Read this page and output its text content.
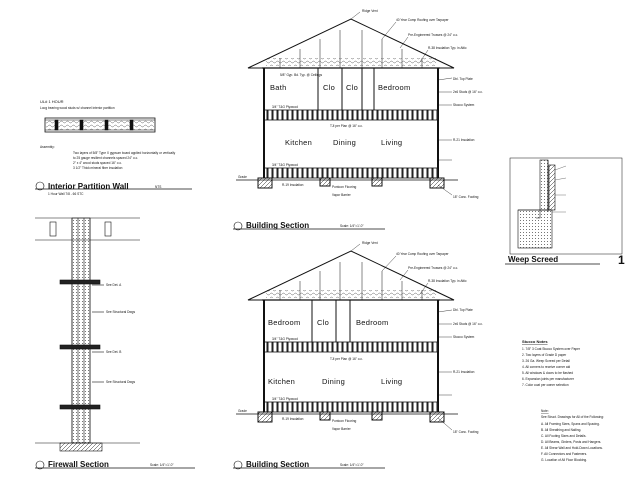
UL# 1 HOUR
Loog bearing wood studs w/ channel interior partition
Assembly:
Two layers of 5/8" Type X gypsum board applied horizontally or vertically
to 25 gauge resilient channels spaced 24" o.c.
2" x 4" wood studs spaced 16" o.c.
3 1/2" Thick mineral fiber insulation
Interior Partition Wall	NTS
1 Hour Wall 7/8 - 66 STC
See Det. A
See Structural Dwgs
See Det. B
See Structural Dwgs
Firewall Section	Scale: 1/4"=1'-0"
Bath	Clo Clo	Bedroom
Kitchen	Dining	Living
Ridge Vent
40 Year Comp Roofing over Tarpaper
Pre-Engineered Trusses @ 24" o.c.
R-38 Insulation Typ. in Attic
5/8" Gyp. Bd. Typ. @ Ceilings
Dbl. Top Plate
2x6 Studs @ 16" o.c.
Stucco System
3/4" T&G Plywood
TJI per Plan @ 16" o.c.
R-21 Insulation
3/4" T&G Plywood
Grade
R-19 Insulation	Pontoon Flooring
Vapor Barrier	18" Conc. Footing
Building Section	Scale: 1/4"=1'-0"
Bedroom Clo	Bedroom
Kitchen	Dining	Living
Ridge Vent
40 Year Comp Roofing over Tarpaper
Pre-Engineered Trusses @ 24" o.c.
R-38 Insulation Typ. in Attic
Dbl. Top Plate
2x6 Studs @ 16" o.c.
Stucco System
3/4" T&G Plywood
TJI per Plan @ 16" o.c.
R-21 Insulation
3/4" T&G Plywood
Grade
R-19 Insulation	Pontoon Flooring
Vapor Barrier
18" Conc. Footing
Building Section	Scale: 1/4"=1'-0"
Weep Screed	1
Stucco Notes
1. 7/8" 3 Coat Stucco System over Paper
2. Two layers of Grade D paper
3. 26 Ga. Weep Screed per Detail
4. All corners to receive corner aid
5. All windows & doors to be flashed
6. Expansion joints per manufacturer
7. Color coat per owner selection
Note:
See Struct. Drawings for All of the Following:
A. All Framing Sizes, Spans and Spacing.
B. All Sheathing and Nailing.
C. All Footing Sizes and Details.
D. All Beams, Girders, Posts and Hangers.
E. All Shear Wall and Hold-Down Locations.
F. All Connectors and Fasteners.
G. Location of All Floor Blocking.
